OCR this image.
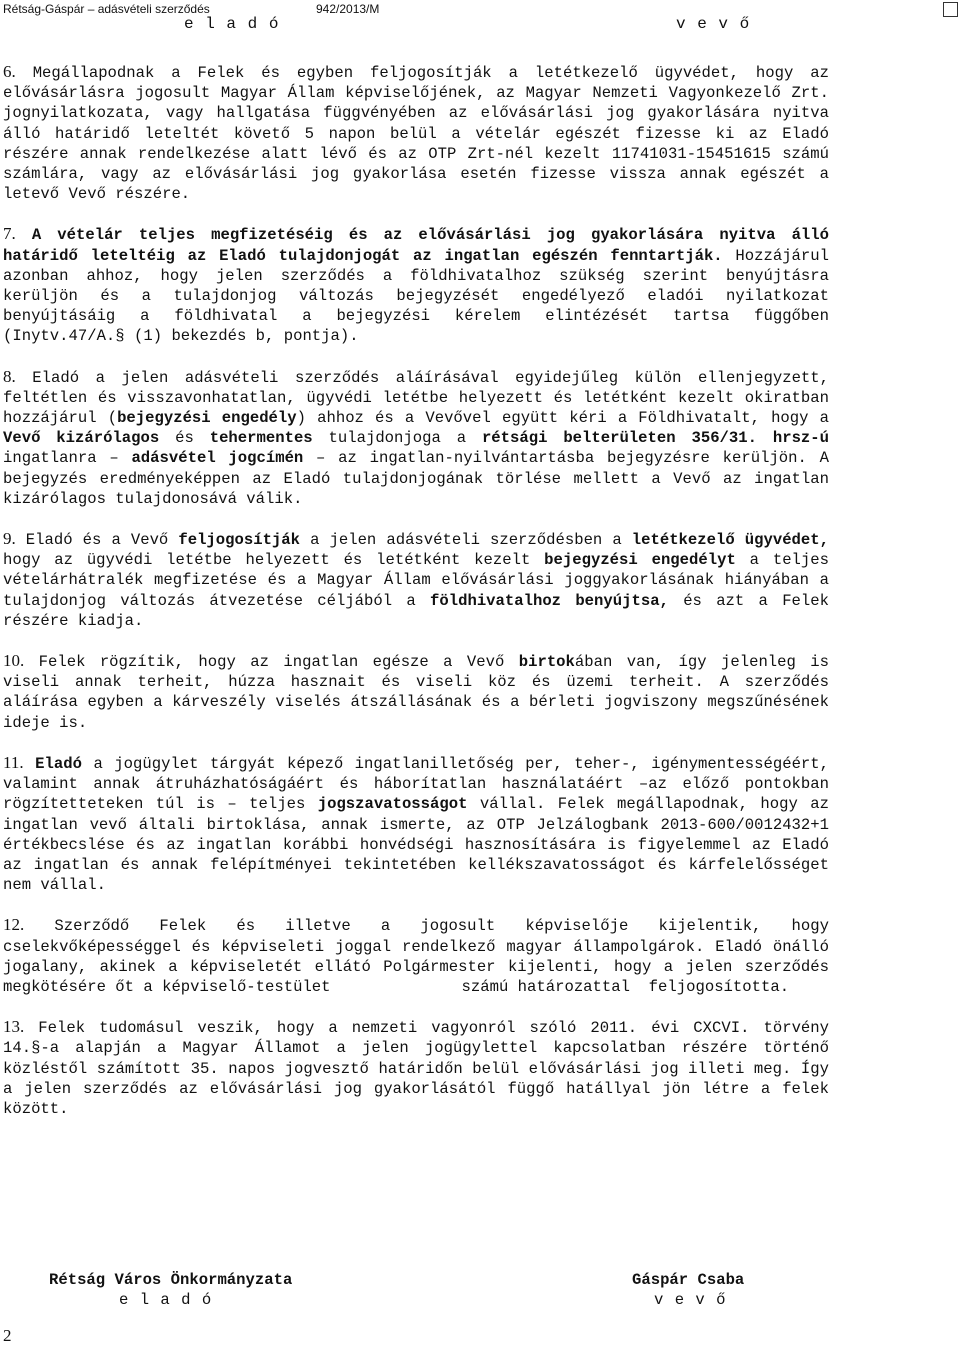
Rétság-Gáspár – adásvételi szerződés	942/2013/M
e l a d ó	v e v ő

6. Megállapodnak a Felek és egyben feljogosítják a letétkezelő ügyvédet, hogy az elővásárlásra jogosult Magyar Állam képviselőjének, az Magyar Nemzeti Vagyonkezelő Zrt. jognyilatkozata, vagy hallgatása függvényében az elővásárlási jog gyakorlására nyitva álló határidő leteltét követő 5 napon belül a vételár egészét fizesse ki az Eladó részére annak rendelkezése alatt lévő és az OTP Zrt-nél kezelt 11741031-15451615 számú számlára, vagy az elővásárlási jog gyakorlása esetén fizesse vissza annak egészét a letevő Vevő részére.

7. A vételár teljes megfizetéséig és az elővásárlási jog gyakorlására nyitva álló határidő leteltéig az Eladó tulajdonjogát az ingatlan egészén fenntartják. Hozzájárul azonban ahhoz, hogy jelen szerződés a földhivatalhoz szükség szerint benyújtásra kerüljön és a tulajdonjog változás bejegyzését engedélyező eladói nyilatkozat benyújtásáig a földhivatal a bejegyzési kérelem elintézését tartsa függőben (Inytv.47/A.§ (1) bekezdés b, pontja).

8. Eladó a jelen adásvételi szerződés aláírásával egyidejűleg külön ellenjegyzett, feltétlen és visszavonhatatlan, ügyvédi letétbe helyezett és letétként kezelt okiratban hozzájárul (bejegyzési engedély) ahhoz és a Vevővel együtt kéri a Földhivatalt, hogy a Vevő kizárólagos és tehermentes tulajdonjoga a rétsági belterületen 356/31. hrsz-ú ingatlanra – adásvétel jogcímén – az ingatlan-nyilvántartásba bejegyzésre kerüljön. A bejegyzés eredményeképpen az Eladó tulajdonjogának törlése mellett a Vevő az ingatlan kizárólagos tulajdonosává válik.

9. Eladó és a Vevő feljogosítják a jelen adásvételi szerződésben a letétkezelő ügyvédet, hogy az ügyvédi letétbe helyezett és letétként kezelt bejegyzési engedélyt a teljes vételárhátralék megfizetése és a Magyar Állam elővásárlási joggyakorlásának hiányában a tulajdonjog változás átvezetése céljából a földhivatalhoz benyújtsa, és azt a Felek részére kiadja.

10. Felek rögzítik, hogy az ingatlan egésze a Vevő birtokában van, így jelenleg is viseli annak terheit, húzza hasznait és viseli köz és üzemi terheit. A szerződés aláírása egyben a kárveszély viselés átszállásának és a bérleti jogviszony megszűnésének ideje is.

11. Eladó a jogügylet tárgyát képező ingatlanilletőség per, teher-, igénymentességéért, valamint annak átruházhatóságáért és háborítatlan használatáért –az előző pontokban rögzítetteteken túl is – teljes jogszavatosságot vállal. Felek megállapodnak, hogy az ingatlan vevő általi birtoklása, annak ismerte, az OTP Jelzálogbank 2013-600/0012432+1 értékbecslése és az ingatlan korábbi honvédségi hasznosítására is figyelemmel az Eladó az ingatlan és annak felépítményei tekintetében kellékszavatosságot és kárfelelősséget nem vállal.

12. Szerződő Felek és illetve a jogosult képviselője kijelentik, hogy cselekvőképességgel és képviseleti joggal rendelkező magyar állampolgárok. Eladó önálló jogalany, akinek a képviseletét ellátó Polgármester kijelenti, hogy a jelen szerződés megkötésére őt a képviselő-testület              számú határozattal  feljogosította.

13. Felek tudomásul veszik, hogy a nemzeti vagyonról szóló 2011. évi CXCVI. törvény 14.§-a alapján a Magyar Államot a jelen jogügylettel kapcsolatban részére történő közléstől számított 35. napos jogvesztő határidőn belül elővásárlási jog illeti meg. Így a jelen szerződés az elővásárlási jog gyakorlásától függő hatállyal jön létre a felek között.

Rétság Város Önkormányzata
e l a d ó
Gáspár Csaba
v e v ő
2
